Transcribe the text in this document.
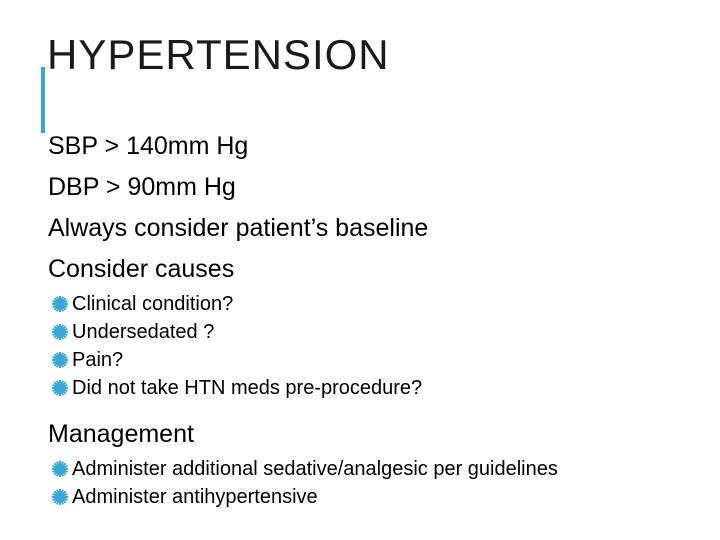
HYPERTENSION
SBP > 140mm Hg
DBP > 90mm Hg
Always consider patient’s baseline
Consider causes
Clinical condition?
Undersedated ?
Pain?
Did not take HTN meds pre-procedure?
Management
Administer additional sedative/analgesic per guidelines
Administer antihypertensive
